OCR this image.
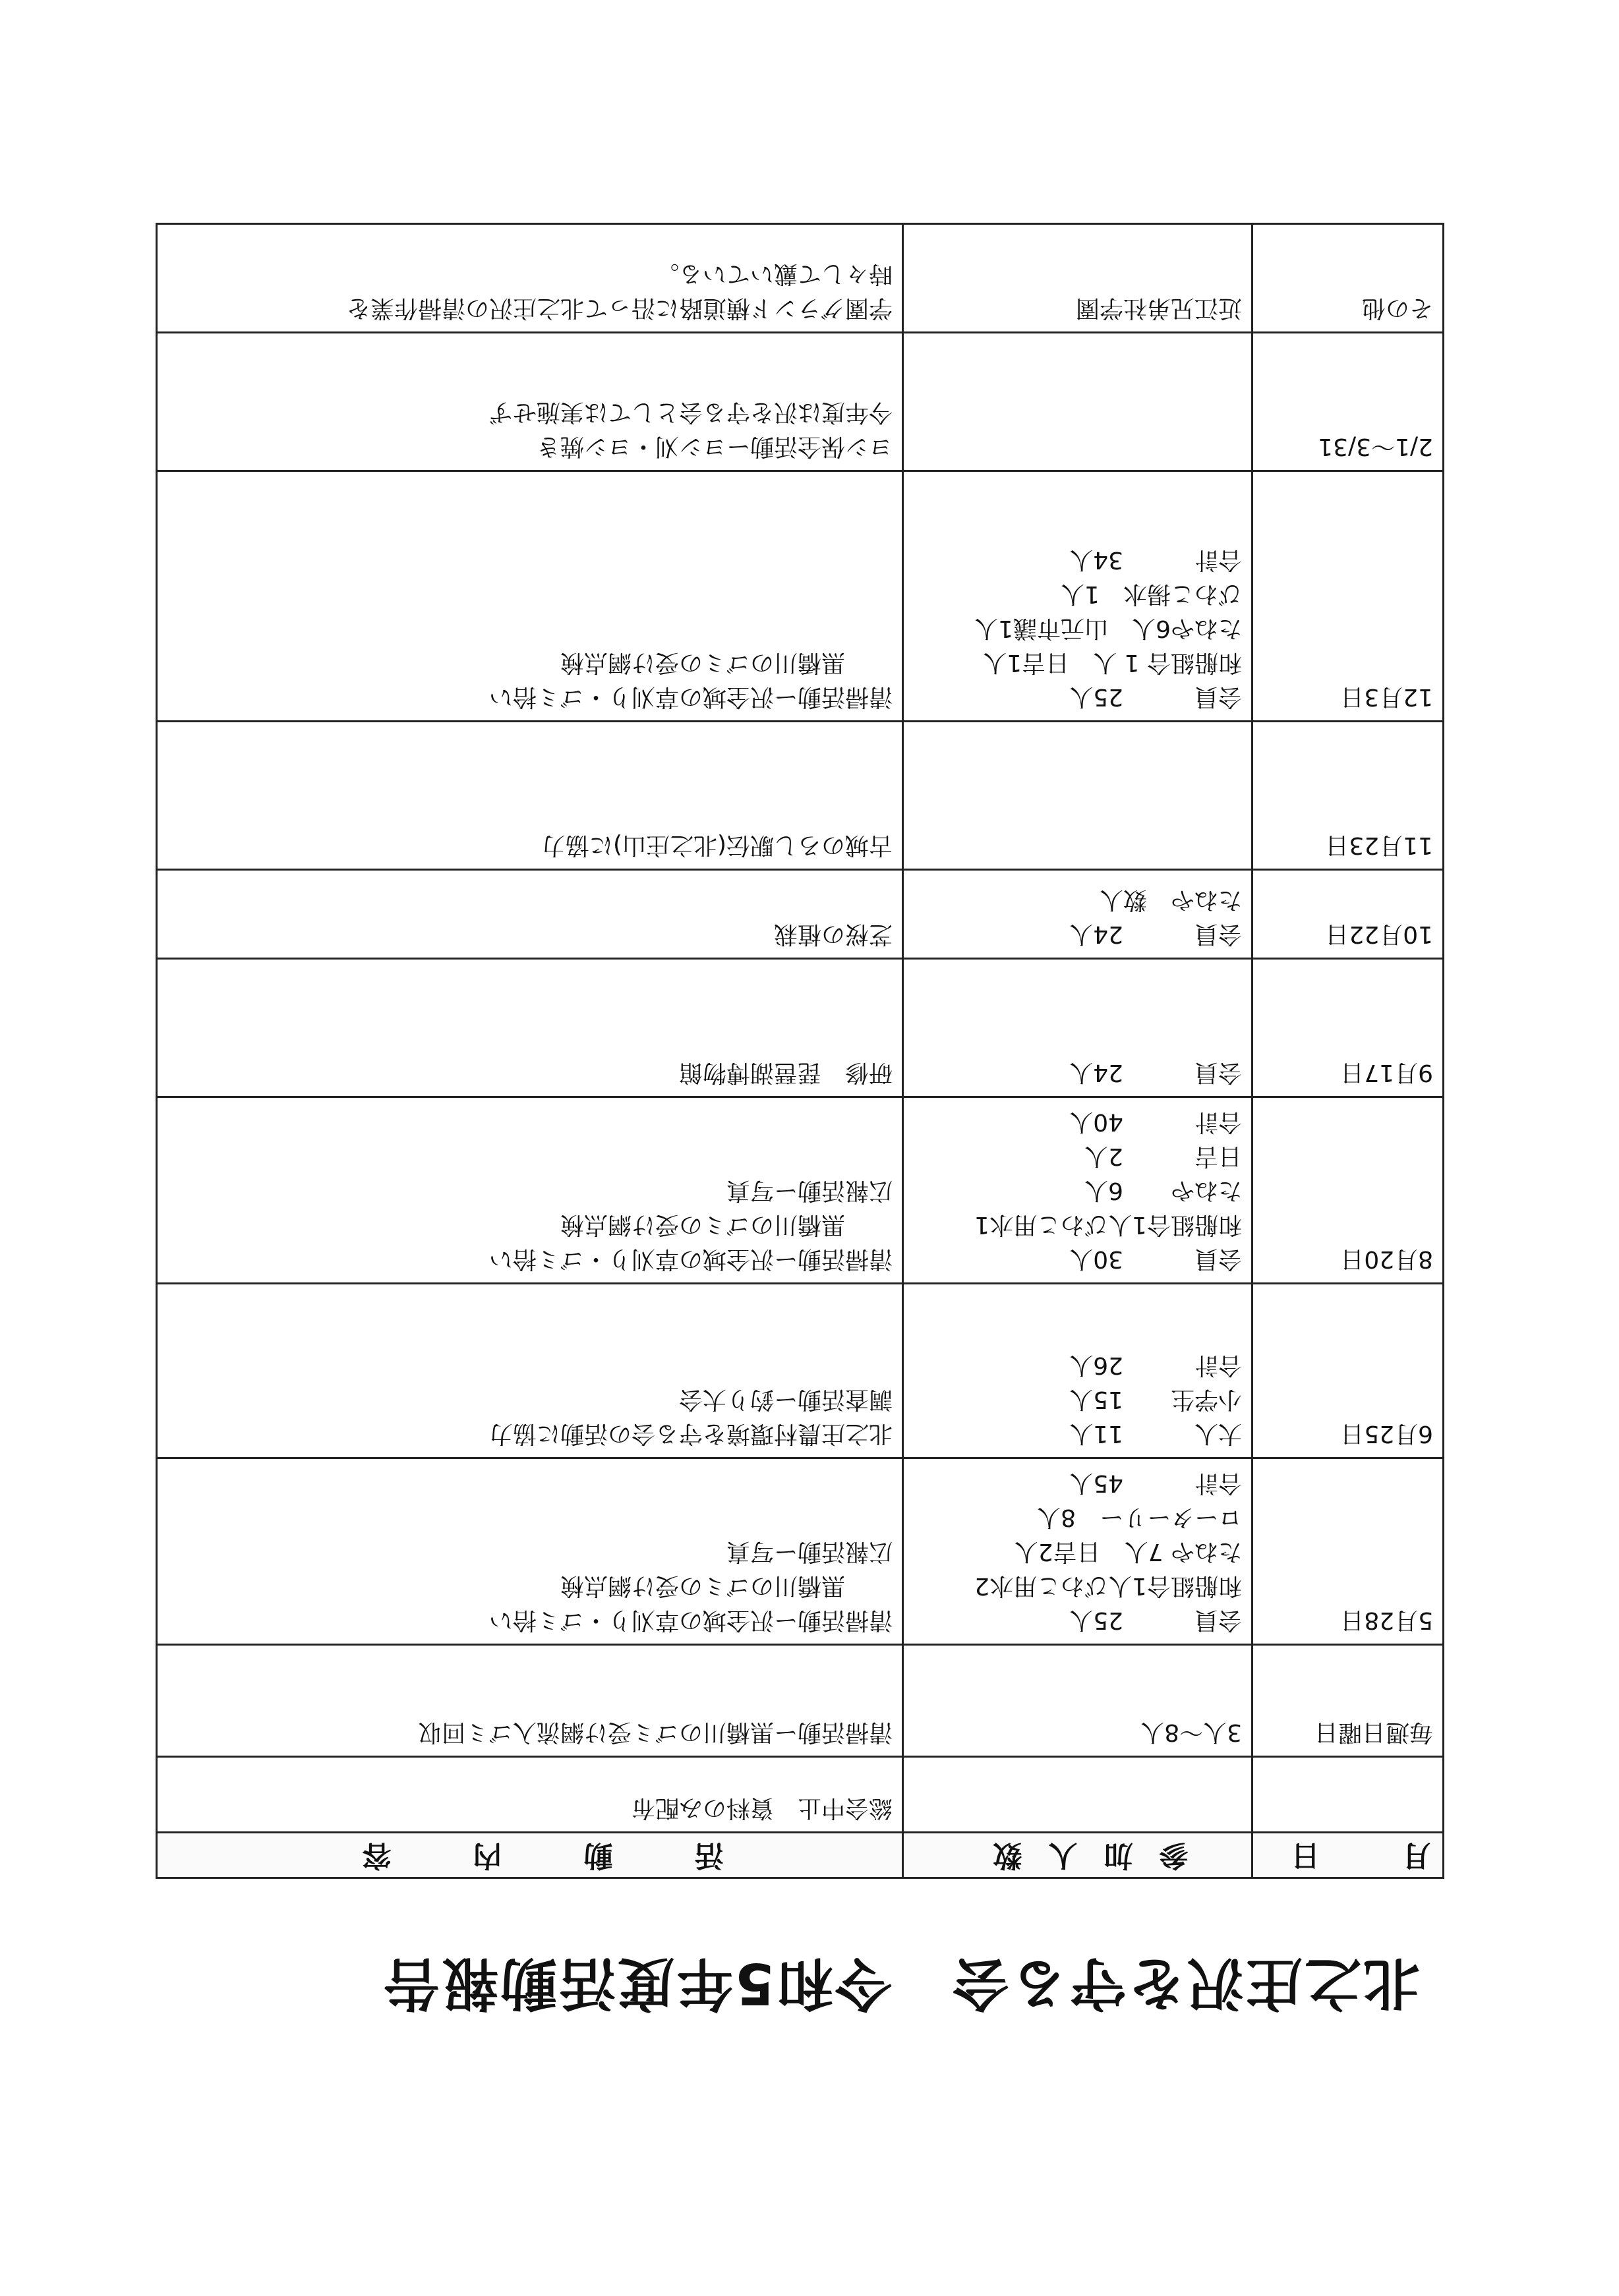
北之庄沢を守る会　令和5年度活動報告
月　日	参加人数	活　動　内　容

		総会中止　資料のみ配布

毎週日曜日	3人～8人	清掃活動ー黒橋川のゴミ受け網流入ゴミ回収

5月28日	会員　　　25人
和船組合1人びわこ用水2
たねや 7人　日吉2人
ローターリー　8人
合計　　　45人	清掃活動ー沢全域の草刈り・ゴミ拾い
　　黒橋川のゴミの受け網点検
広報活動ー写真

6月25日	大人　　　11人
小学生　　15人
合計　　　26人	北之庄農村環境を守る会の活動に協力
調査活動ー釣り大会

8月20日	会員　　　30人
和船組合1人びわこ用水1
たねや　　6人
日吉　　　2人
合計　　　40人	清掃活動ー沢全域の草刈り・ゴミ拾い
　　黒橋川のゴミの受け網点検
広報活動ー写真

9月17日	会員　　　24人	研修　琵琶湖博物館

10月22日	会員　　　24人
たねや　数人	芝桜の植栽

11月23日		古城のろし駅伝(北之庄山)に協力

12月3日	会員　　　25人
和船組合 1 人　日吉1人
たねや6人　山元市議1人
びわこ揚水　1人
合計　　　34人	清掃活動ー沢全域の草刈り・ゴミ拾い
　　黒橋川のゴミの受け網点検

2/1～3/31		ヨシ保全活動ーヨシ刈・ヨシ焼き
今年度は沢を守る会としては実施せず

その他	近江兄弟社学園	学園グランド横道路に沿って北之庄沢の清掃作業を
時々して戴いている。
